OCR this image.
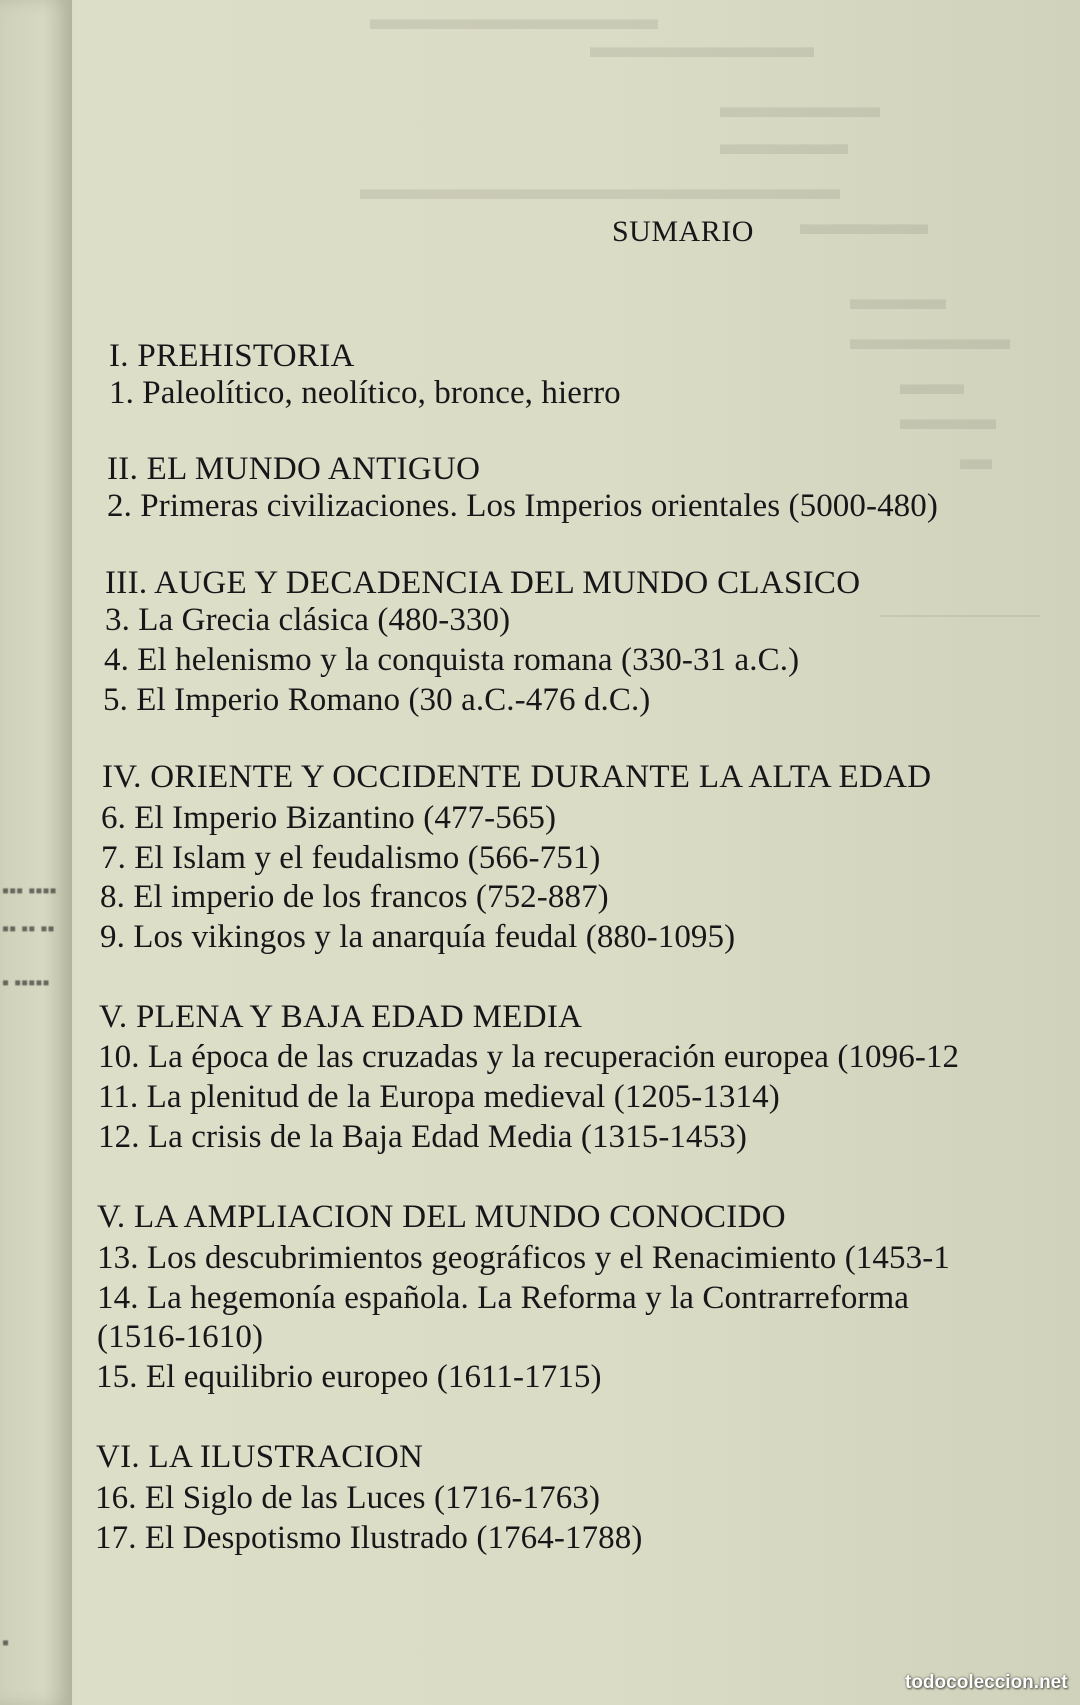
▬▬▬▬▬▬▬▬▬
▬▬▬▬▬▬▬
▬▬▬▬▬
▬▬▬▬
▬▬▬▬▬▬▬▬▬▬▬▬▬▬▬
▬▬▬▬
▬▬▬
▬▬▬▬▬
▬▬
▬▬▬
▬
▪▪▪ ▪▪▪▪
▪▪ ▪▪ ▪▪
▪ ▪▪▪▪▪
▪
SUMARIO
I. PREHISTORIA
1. Paleolítico, neolítico, bronce, hierro
II. EL MUNDO ANTIGUO
2. Primeras civilizaciones. Los Imperios orientales (5000-480)
III. AUGE Y DECADENCIA DEL MUNDO CLASICO
3. La Grecia clásica (480-330)
4. El helenismo y la conquista romana (330-31 a.C.)
5. El Imperio Romano (30 a.C.-476 d.C.)
IV. ORIENTE Y OCCIDENTE DURANTE LA ALTA EDAD
6. El Imperio Bizantino (477-565)
7. El Islam y el feudalismo (566-751)
8. El imperio de los francos (752-887)
9. Los vikingos y la anarquía feudal (880-1095)
V. PLENA Y BAJA EDAD MEDIA
10. La época de las cruzadas y la recuperación europea (1096-12
11. La plenitud de la Europa medieval (1205-1314)
12. La crisis de la Baja Edad Media (1315-1453)
V. LA AMPLIACION DEL MUNDO CONOCIDO
13. Los descubrimientos geográficos y el Renacimiento (1453-1
14. La hegemonía española. La Reforma y la Contrarreforma
(1516-1610)
15. El equilibrio europeo (1611-1715)
VI. LA ILUSTRACION
16. El Siglo de las Luces (1716-1763)
17. El Despotismo Ilustrado (1764-1788)
todocoleccion.net
